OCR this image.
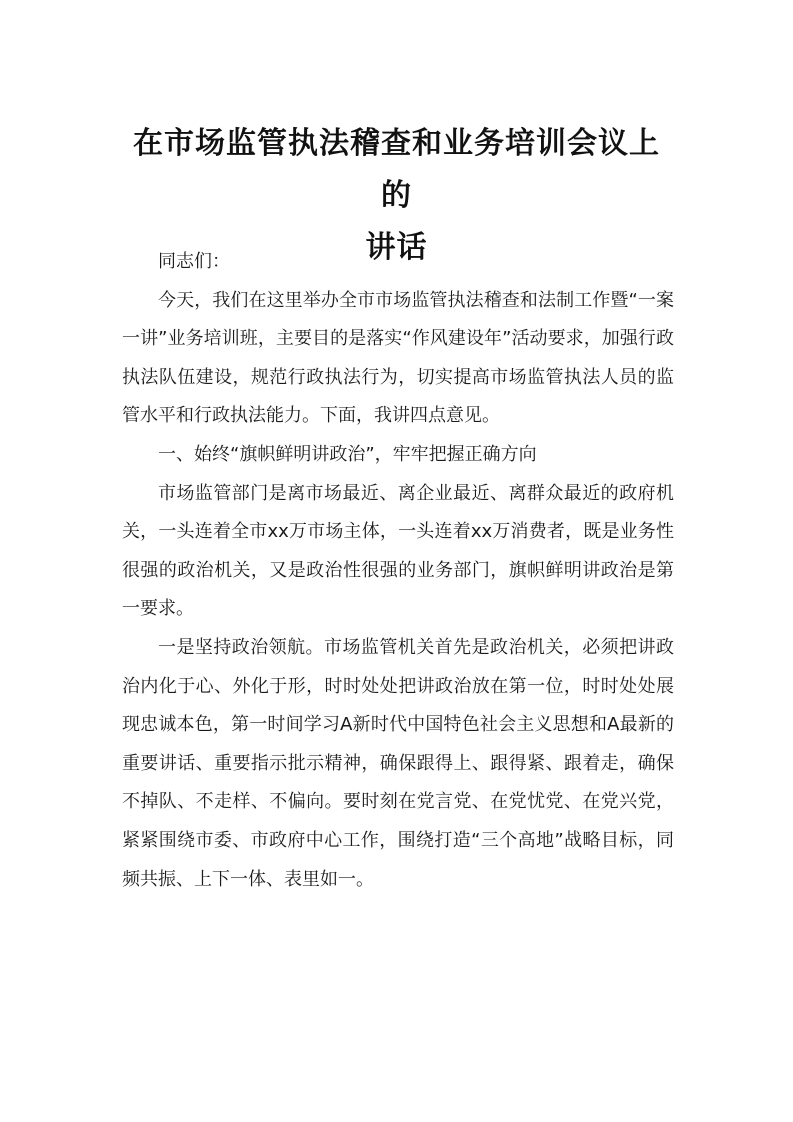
在市场监管执法稽查和业务培训会议上的
讲话

同志们：

今天，我们在这里举办全市市场监管执法稽查和法制工作暨“一案一讲”业务培训班，主要目的是落实“作风建设年”活动要求，加强行政执法队伍建设，规范行政执法行为，切实提高市场监管执法人员的监管水平和行政执法能力。下面，我讲四点意见。

一、始终“旗帜鲜明讲政治”，牢牢把握正确方向

市场监管部门是离市场最近、离企业最近、离群众最近的政府机关，一头连着全市xx万市场主体，一头连着xx万消费者，既是业务性很强的政治机关，又是政治性很强的业务部门，旗帜鲜明讲政治是第一要求。

一是坚持政治领航。市场监管机关首先是政治机关，必须把讲政治内化于心、外化于形，时时处处把讲政治放在第一位，时时处处展现忠诚本色，第一时间学习A新时代中国特色社会主义思想和A最新的重要讲话、重要指示批示精神，确保跟得上、跟得紧、跟着走，确保不掉队、不走样、不偏向。要时刻在党言党、在党忧党、在党兴党，紧紧围绕市委、市政府中心工作，围绕打造“三个高地”战略目标，同频共振、上下一体、表里如一。
